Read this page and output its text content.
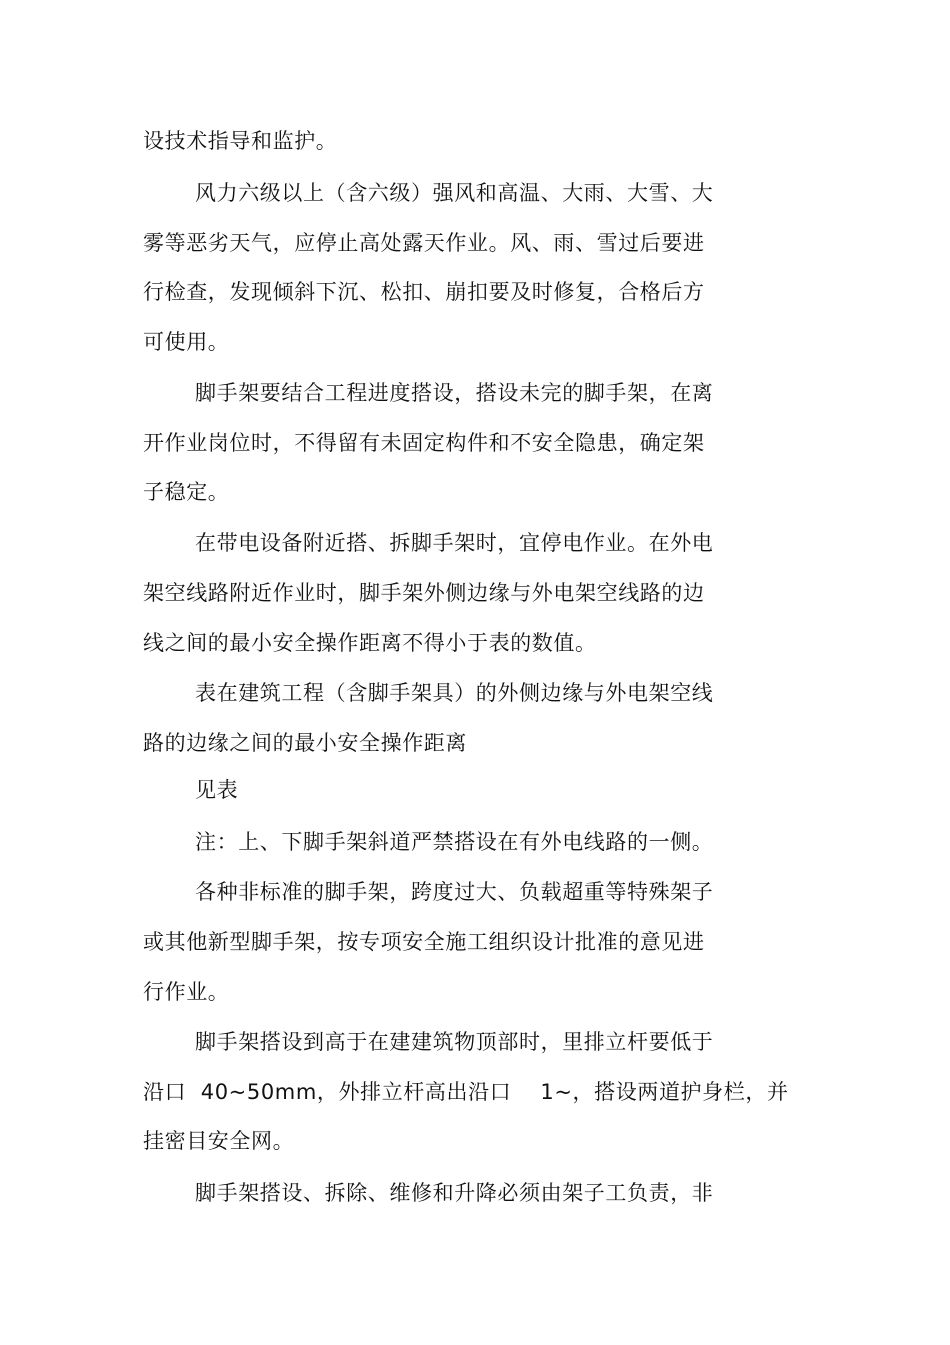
设技术指导和监护。
风力六级以上（含六级）强风和高温、大雨、大雪、大
雾等恶劣天气，应停止高处露天作业。风、雨、雪过后要进
行检查，发现倾斜下沉、松扣、崩扣要及时修复，合格后方
可使用。
脚手架要结合工程进度搭设，搭设未完的脚手架，在离
开作业岗位时，不得留有未固定构件和不安全隐患，确定架
子稳定。
在带电设备附近搭、拆脚手架时，宜停电作业。在外电
架空线路附近作业时，脚手架外侧边缘与外电架空线路的边
线之间的最小安全操作距离不得小于表的数值。
表在建筑工程（含脚手架具）的外侧边缘与外电架空线
路的边缘之间的最小安全操作距离
见表
注：上、下脚手架斜道严禁搭设在有外电线路的一侧。
各种非标准的脚手架，跨度过大、负载超重等特殊架子
或其他新型脚手架，按专项安全施工组织设计批准的意见进
行作业。
脚手架搭设到高于在建建筑物顶部时，里排立杆要低于
沿口  40~50mm，外排立杆高出沿口    1~，搭设两道护身栏，并
挂密目安全网。
脚手架搭设、拆除、维修和升降必须由架子工负责，非
